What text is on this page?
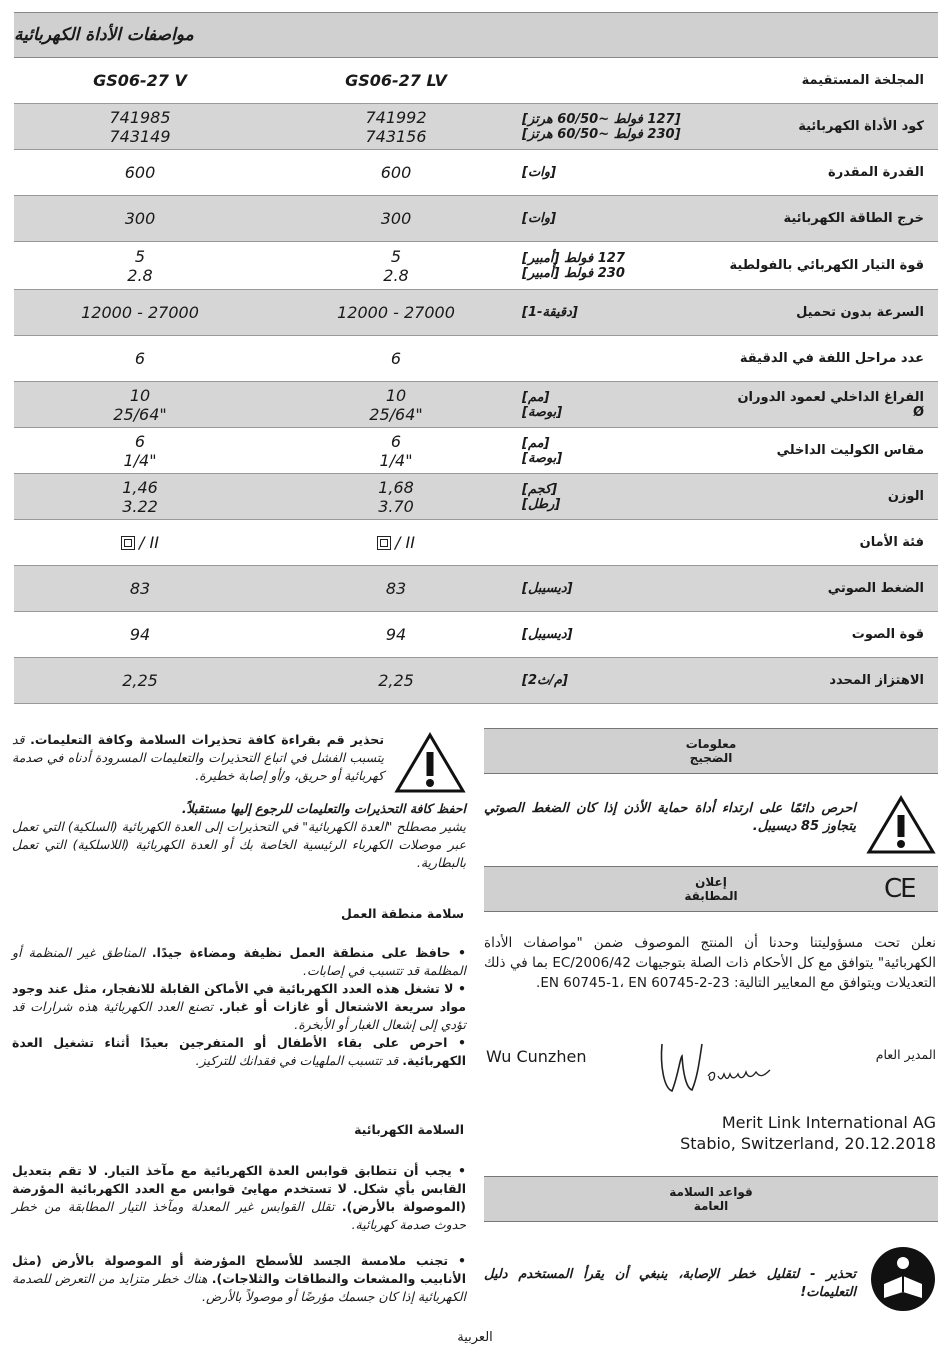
مواصفات الأداة الكهربائية
المجلخة المستقيمة
GS06-27 LV
GS06-27 V
كود الأداة الكهربائية
[127 فولط ~60/50 هرتز]
[230 فولط ~60/50 هرتز]
741992
743156
741985
743149
القدرة المقدرة
[وات]
600
600
خرج الطاقة الكهربائية
[وات]
300
300
قوة التيار الكهربائي بالفولطية
127 فولط [أمبير]
230 فولط [أمبير]
5
2.8
5
2.8
السرعة بدون تحميل
[دقيقة-1]
12000 - 27000
12000 - 27000
عدد مراحل اللفة في الدقيقة
6
6
الفراغ الداخلي لعمود الدوران Ø
[مم]
[بوصة]
10
25/64"
10
25/64"
مقاس الكوليت الداخلي
[مم]
[بوصة]
6
1/4"
6
1/4"
الوزن
[كجم]
[رطل]
1,68
3.70
1,46
3.22
فئة الأمان
/ II
/ II
الضغط الصوتي
[ديسيبل]
83
83
قوة الصوت
[ديسيبل]
94
94
الاهتزاز المحدد
[م/ث2]
2,25
2,25
معلومات
الضجيج
احرص دائمًا على ارتداء أداة حماية الأذن إذا كان الضغط الصوتي يتجاوز 85 ديسيبل.
إعلان
المطابقة	CE
نعلن تحت مسؤوليتنا وحدنا أن المنتج الموصوف ضمن "مواصفات الأداة الكهربائية" يتوافق مع كل الأحكام ذات الصلة بتوجيهات 2006/42/EC بما في ذلك التعديلات ويتوافق مع المعايير التالية: EN 60745-1، EN 60745-2-23.
المدير العام
Wu Cunzhen
Merit Link International AG
Stabio, Switzerland, 20.12.2018
قواعد السلامة
العامة
تحذير - لتقليل خطر الإصابة، ينبغي أن يقرأ المستخدم دليل التعليمات!
تحذير قم بقراءة كافة تحذيرات السلامة وكافة التعليمات. قد يتسبب الفشل في اتباع التحذيرات والتعليمات المسرودة أدناه في صدمة كهربائية أو حريق، و/أو إصابة خطيرة.
احفظ كافة التحذيرات والتعليمات للرجوع إليها مستقبلاً.
يشير مصطلح "العدة الكهربائية" في التحذيرات إلى العدة الكهربائية (السلكية) التي تعمل عبر موصلات الكهرباء الرئيسية الخاصة بك أو العدة الكهربائية (اللاسلكية) التي تعمل بالبطارية.
سلامة منطقة العمل
• حافظ على منطقة العمل نظيفة ومضاءة جيدًا. المناطق غير المنظمة أو المظلمة قد تتسبب في إصابات.
• لا تشغل هذه العدد الكهربائية في الأماكن القابلة للانفجار، مثل عند وجود مواد سريعة الاشتعال أو غازات أو غبار. تصنع العدد الكهربائية هذه شرارات قد تؤدي إلى إشعال الغبار أو الأبخرة.
• احرص على بقاء الأطفال أو المتفرجين بعيدًا أثناء تشغيل العدة الكهربائية. قد تتسبب الملهيات في فقدانك للتركيز.
السلامة الكهربائية
• يجب أن تتطابق قوابس العدة الكهربائية مع مآخذ التيار. لا تقم بتعديل القابس بأي شكل. لا تستخدم مهايئ قوابس مع العدد الكهربائية المؤرضة (الموصولة بالأرض). تقلل القوابس غير المعدلة ومآخذ التيار المطابقة من خطر حدوث صدمة كهربائية.
• تجنب ملامسة الجسد للأسطح المؤرضة أو الموصولة بالأرض (مثل الأنابيب والمشعات والنطاقات والثلاجات). هناك خطر متزايد من التعرض للصدمة الكهربائية إذا كان جسمك مؤرضًا أو موصولاً بالأرض.
العربية
